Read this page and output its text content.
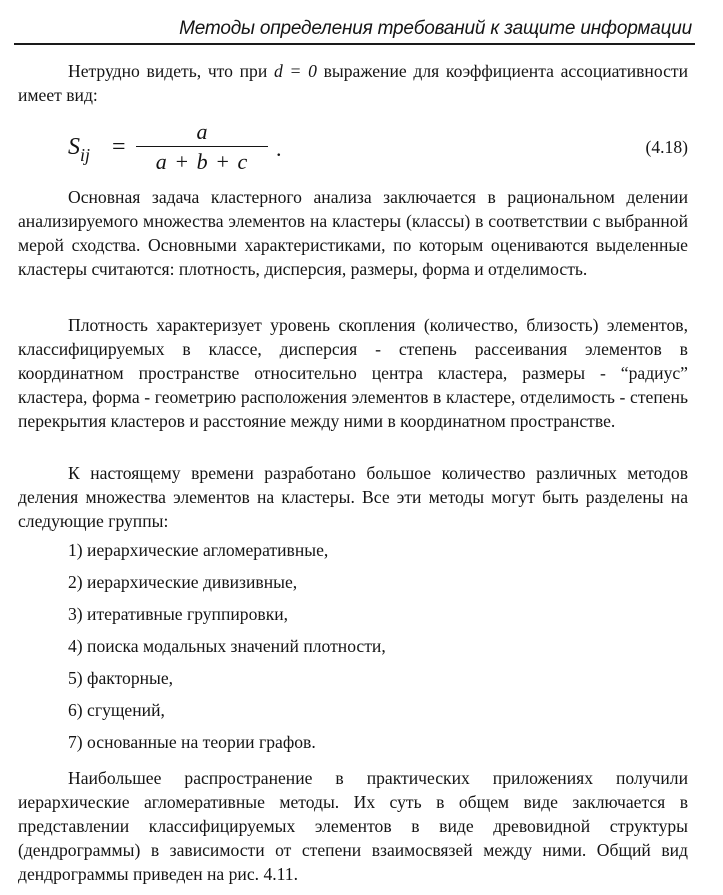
Методы определения требований к защите информации

Нетрудно видеть, что при d = 0 выражение для коэффициента ассоциативности имеет вид:

$S_{ij}$ =
a
a + b + c
.	(4.18)

Основная задача кластерного анализа заключается в рациональном делении анализируемого множества элементов на кластеры (классы) в соответствии с выбранной мерой сходства. Основными характеристиками, по которым оцениваются выделенные кластеры считаются: плотность, дисперсия, размеры, форма и отделимость.

Плотность характеризует уровень скопления (количество, близость) элементов, классифицируемых в классе, дисперсия - степень рассеивания элементов в координатном пространстве относительно центра кластера, размеры - “радиус” кластера, форма - геометрию расположения элементов в кластере, отделимость - степень перекрытия кластеров и расстояние между ними в координатном пространстве.

К настоящему времени разработано большое количество различных методов деления множества элементов на кластеры. Все эти методы могут быть разделены на следующие группы:

1) иерархические агломеративные,
2) иерархические дивизивные,
3) итеративные группировки,
4) поиска модальных значений плотности,
5) факторные,
6) сгущений,
7) основанные на теории графов.

Наибольшее распространение в практических приложениях получили иерархические агломеративные методы. Их суть в общем виде заключается в представлении классифицируемых элементов в виде древовидной структуры (дендрограммы) в зависимости от степени взаимосвязей между ними. Общий вид дендрограммы приведен на рис. 4.11.
